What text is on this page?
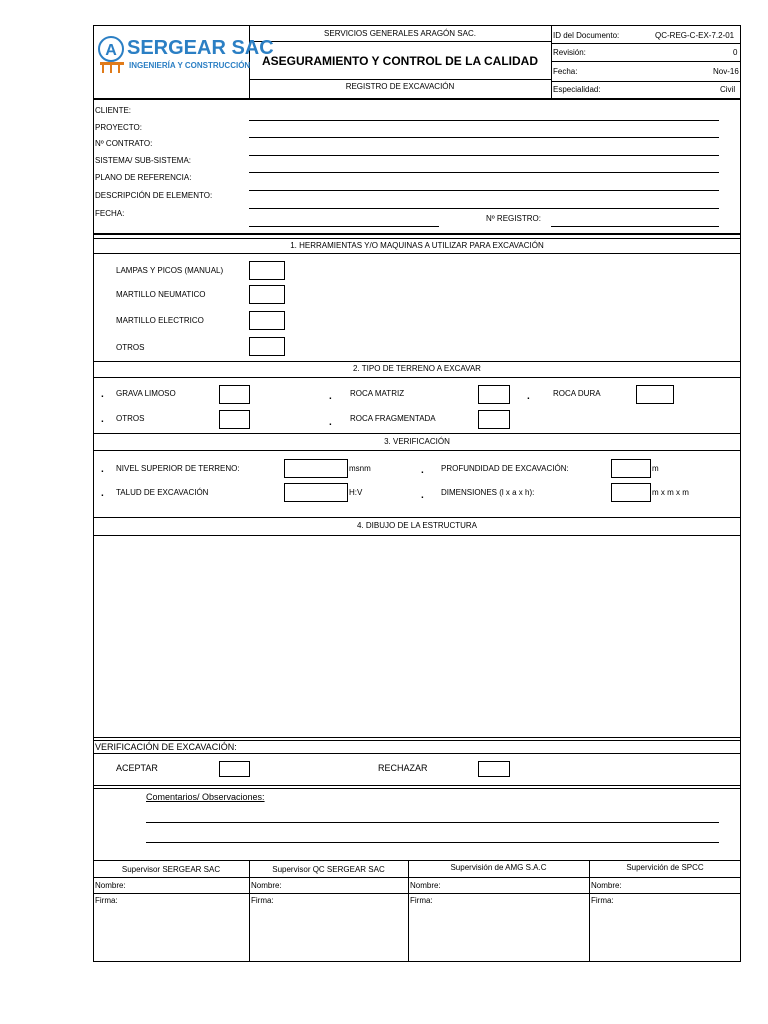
A SERGEAR SAC
INGENIERÍA Y CONSTRUCCIÓN
SERVICIOS GENERALES ARAGÓN SAC.
ASEGURAMIENTO Y CONTROL DE LA CALIDAD
REGISTRO DE EXCAVACIÓN
ID del Documento:	QC-REG-C-EX-7.2-01
Revisión:	0
Fecha:	Nov-16
Especialidad:	Civil
CLIENTE:
PROYECTO:
Nº CONTRATO:
SISTEMA/ SUB-SISTEMA:
PLANO DE REFERENCIA:
DESCRIPCIÓN DE ELEMENTO:
FECHA:
Nº REGISTRO:
1. HERRAMIENTAS Y/O MAQUINAS A UTILIZAR PARA EXCAVACIÓN
LAMPAS Y PICOS (MANUAL)
MARTILLO NEUMATICO
MARTILLO ELECTRICO
OTROS
2. TIPO DE TERRENO A EXCAVAR
. GRAVA LIMOSO	. ROCA MATRIZ	.	ROCA DURA
. OTROS	. ROCA FRAGMENTADA
3. VERIFICACIÓN
. NIVEL SUPERIOR DE TERRENO:	msnm	. PROFUNDIDAD DE EXCAVACIÓN:	m
. TALUD DE EXCAVACIÓN	H:V	. DIMENSIONES (l x a x h):	m x m x m
4. DIBUJO DE LA ESTRUCTURA
VERIFICACIÓN DE EXCAVACIÓN:
ACEPTAR	RECHAZAR
Comentarios/ Observaciones:
Supervisor SERGEAR SAC	Supervisor QC SERGEAR SAC	Supervisión de AMG S.A.C	Supervición de SPCC
Nombre:	Nombre:	Nombre:	Nombre:
Firma:	Firma:	Firma:	Firma:
